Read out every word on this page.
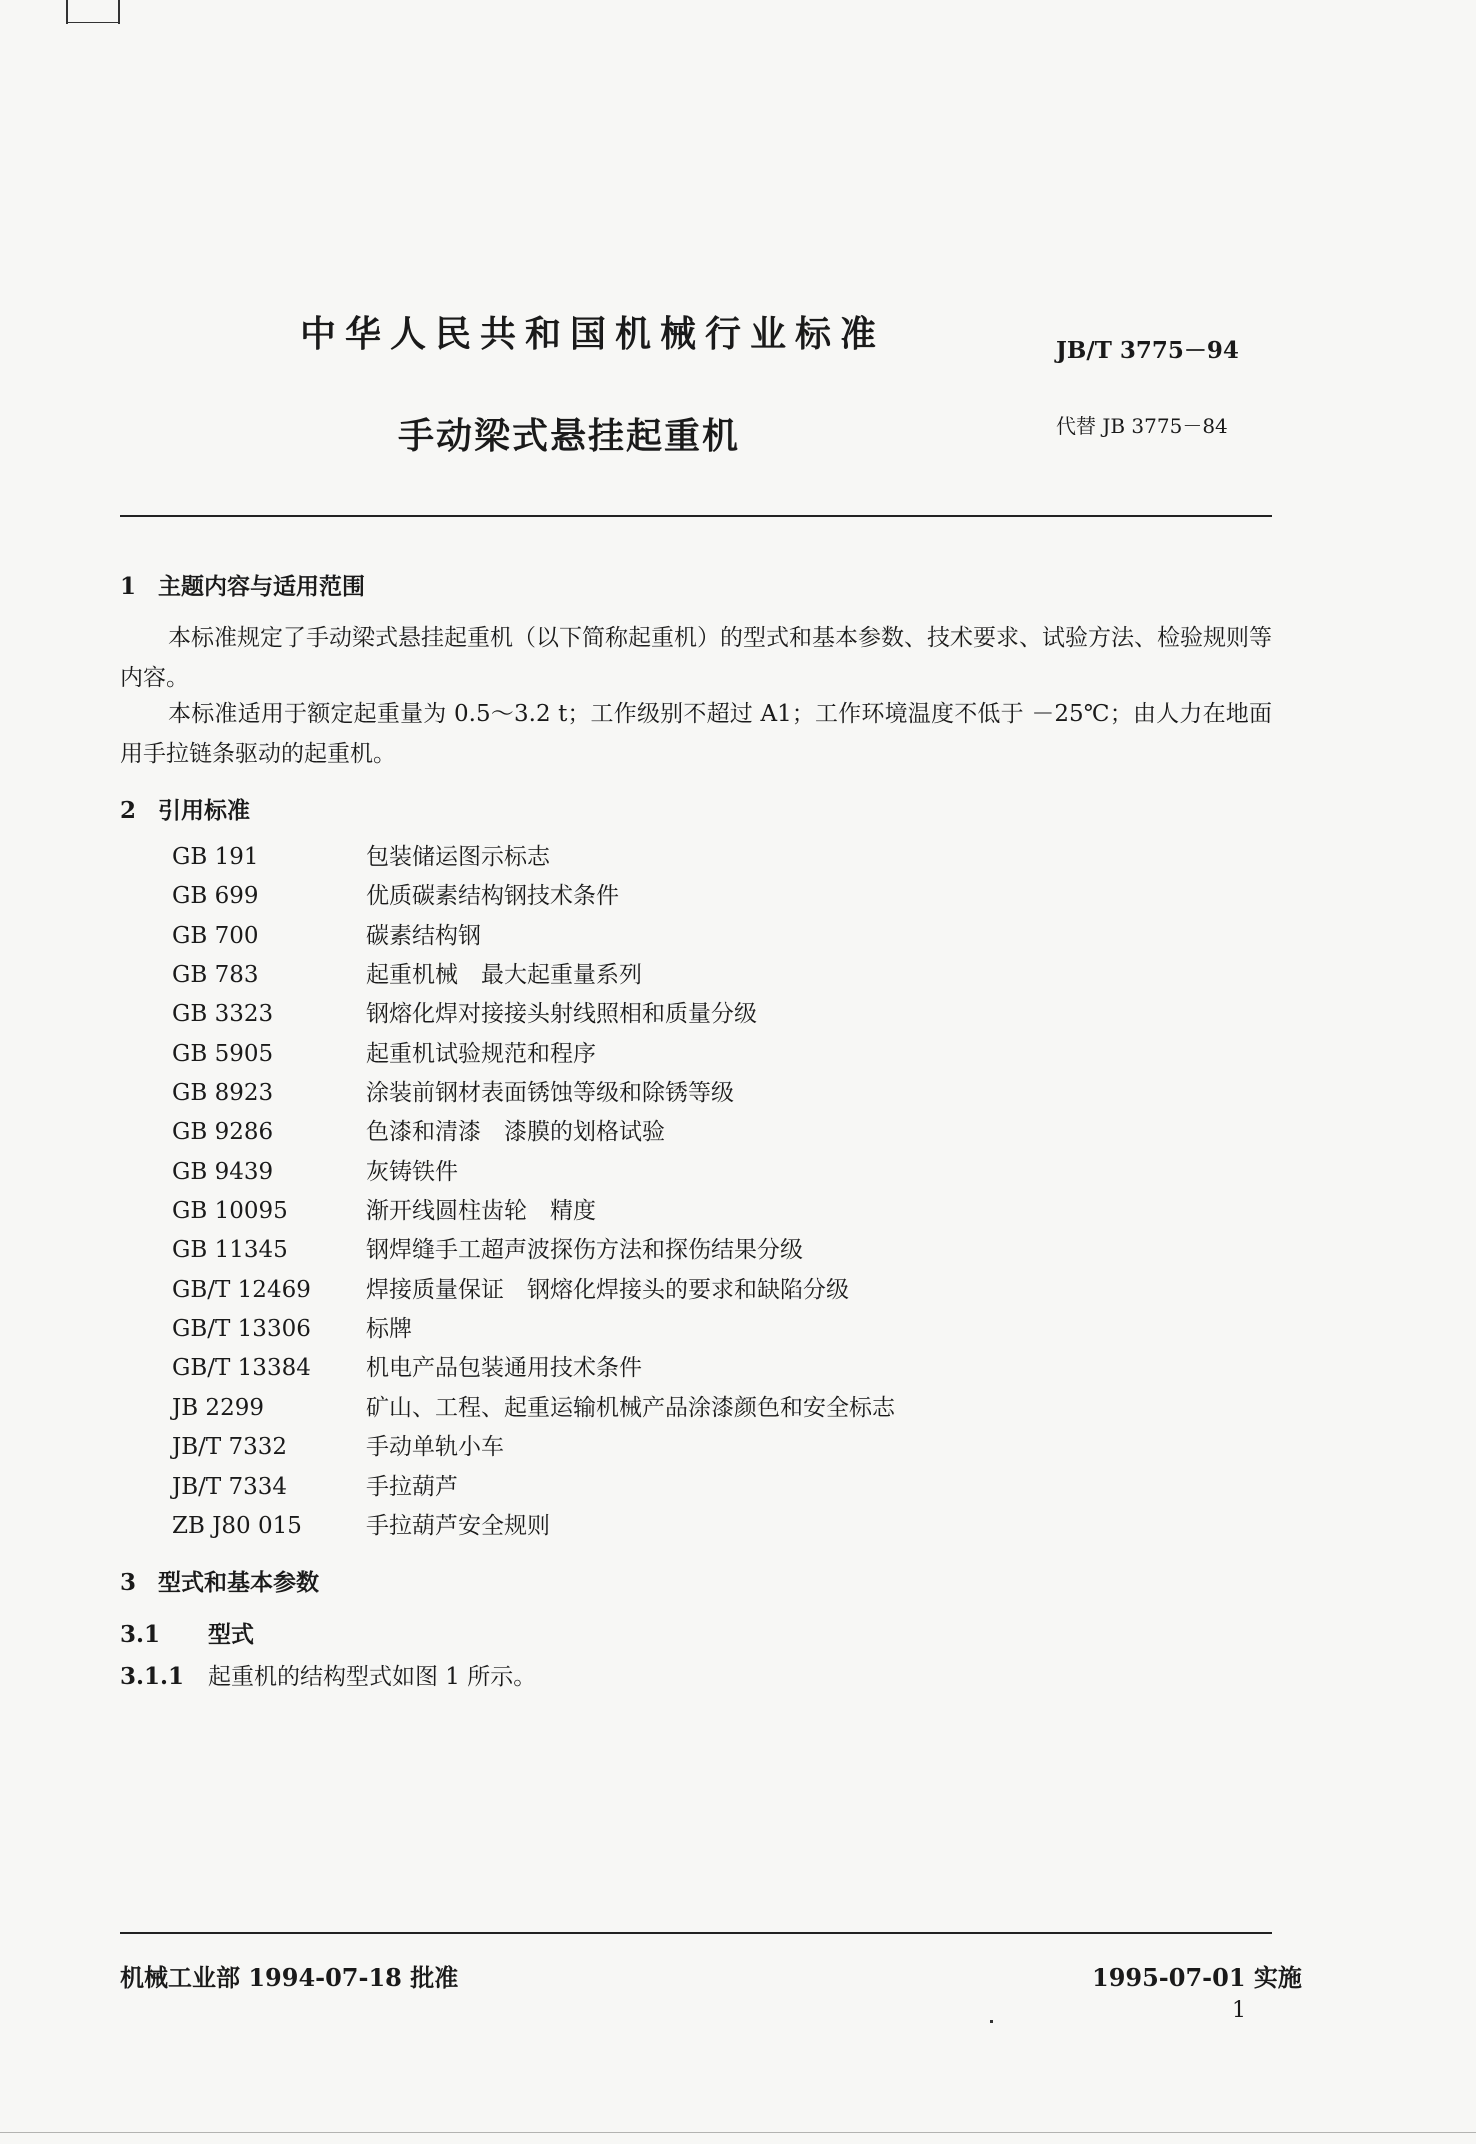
中华人民共和国机械行业标准	JB/T 3775－94
手动梁式悬挂起重机	代替 JB 3775－84
1 主题内容与适用范围
本标准规定了手动梁式悬挂起重机（以下简称起重机）的型式和基本参数、技术要求、试验方法、检验规则等内容。
本标准适用于额定起重量为 0.5～3.2 t；工作级别不超过 A1；工作环境温度不低于 －25℃；由人力在地面用手拉链条驱动的起重机。
2 引用标准
GB 191	包装储运图示标志
GB 699	优质碳素结构钢技术条件
GB 700	碳素结构钢
GB 783	起重机械　最大起重量系列
GB 3323	钢熔化焊对接接头射线照相和质量分级
GB 5905	起重机试验规范和程序
GB 8923	涂装前钢材表面锈蚀等级和除锈等级
GB 9286	色漆和清漆　漆膜的划格试验
GB 9439	灰铸铁件
GB 10095	渐开线圆柱齿轮　精度
GB 11345	钢焊缝手工超声波探伤方法和探伤结果分级
GB/T 12469 焊接质量保证　钢熔化焊接头的要求和缺陷分级
GB/T 13306 标牌
GB/T 13384 机电产品包装通用技术条件
JB 2299	矿山、工程、起重运输机械产品涂漆颜色和安全标志
JB/T 7332	手动单轨小车
JB/T 7334	手拉葫芦
ZB J80 015	手拉葫芦安全规则
3 型式和基本参数
3.1 型式
3.1.1 起重机的结构型式如图 1 所示。
机械工业部 1994-07-18 批准	1995-07-01 实施
1
